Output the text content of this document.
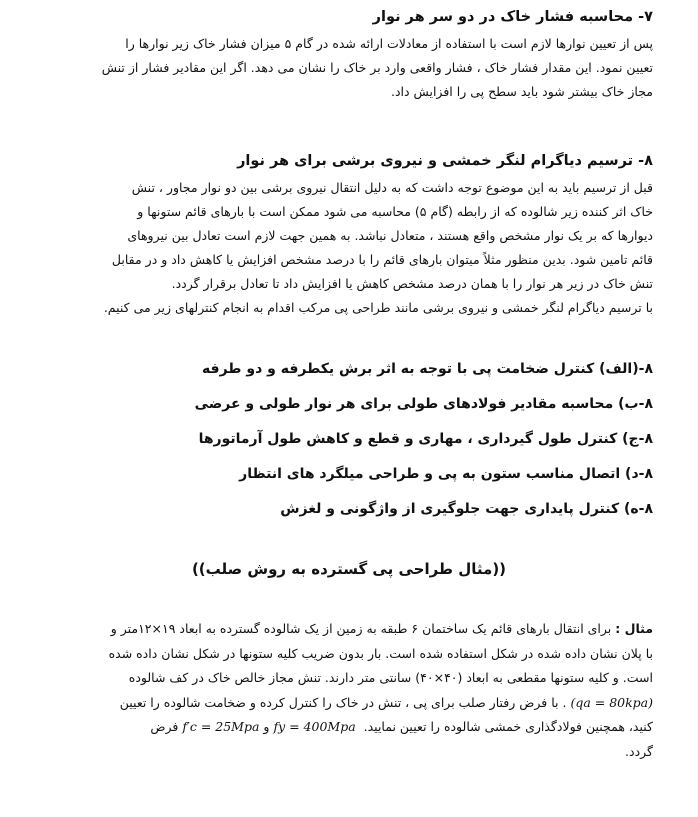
۷- محاسبه فشار خاک در دو سر هر نوار
پس از تعیین نوارها لازم است با استفاده از معادلات ارائه شده در گام ۵ میزان فشار خاک زیر نوارها را
تعیین نمود. این مقدار فشار خاک ، فشار واقعی وارد بر خاک را نشان می دهد. اگر این مقادیر فشار از تنش
مجاز خاک بیشتر شود باید سطح پی را افزایش داد.
۸- ترسیم دیاگرام لنگر خمشی و نیروی برشی برای هر نوار
قبل از ترسیم باید به این موضوع توجه داشت که به دلیل انتقال نیروی برشی بین دو نوار مجاور ، تنش
خاک اثر کننده زیر شالوده که از رابطه (گام ۵) محاسبه می شود ممکن است با بارهای قائم ستونها و
دیوارها که بر یک نوار مشخص واقع هستند ، متعادل نباشد. به همین جهت لازم است تعادل بین نیروهای
قائم تامین شود. بدین منظور مثلاً میتوان بارهای قائم را با درصد مشخص افزایش یا کاهش داد و در مقابل
تنش خاک در زیر هر نوار را با همان درصد مشخص کاهش یا افزایش داد تا تعادل برقرار گردد.
با ترسیم دیاگرام لنگر خمشی و نیروی برشی مانند طراحی پی مرکب اقدام به انجام کنترلهای زیر می کنیم.
۸-(الف) کنترل ضخامت پی با توجه به اثر برش یکطرفه و دو طرفه
۸-ب) محاسبه مقادیر فولادهای طولی برای هر نوار طولی و عرضی
۸-ج) کنترل طول گیرداری ، مهاری و قطع و کاهش طول آرماتورها
۸-د) اتصال مناسب ستون به پی و طراحی میلگرد های انتظار
۸-ه) کنترل پایداری جهت جلوگیری از واژگونی و لغزش
((مثال طراحی پی گسترده به روش صلب))
مثال : برای انتقال بارهای قائم یک ساختمان ۶ طبقه به زمین از یک شالوده گسترده به ابعاد ۱۹×۱۲متر و
با پلان نشان داده شده در شکل استفاده شده است. بار بدون ضریب کلیه ستونها در شکل نشان داده شده
است. و کلیه ستونها مقطعی به ابعاد (۴۰×۴۰) سانتی متر دارند. تنش مجاز خالص خاک در کف شالوده
(qa = 80kpa) . با فرض رفتار صلب برای پی ، تنش در خاک را کنترل کرده و ضخامت شالوده را تعیین
کنید، همچنین فولادگذاری خمشی شالوده را تعیین نمایید.  fy = 400Mpa و f′c = 25Mpa فرض
گردد.
